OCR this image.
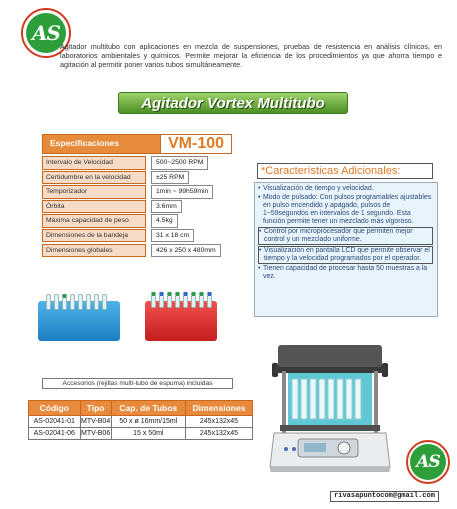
AS

Agitador multitubo con aplicaciones en mezcla de suspensiones, pruebas de resistencia en análisis clínicos, en laboratorios ambientales y químicos. Permite mejorar la eficiencia de los procedimientos ya que ahorra tiempo e agitación al permitir poner varios tubos simultáneamente.

Agitador Vortex Multitubo
Especificaciones	VM-100
Intervalo de Velocidad	500~2500 RPM
Certidumbre en la velocidad	±25 RPM
Temporizador	1min ~ 99h59min
Órbita	3.6mm
Máxima capacidad de peso	4.5kg
Dimensiones de la bandeja	31 x 18 cm
Dimensiones globales	426 x 250 x 480mm
*Características Adicionales:
• Visualización de tiempo y velocidad.
• Modo de pulsado: Con pulsos programables ajustables en pulso encendido y apagado, pulsos de 1~59segundos en intervalos de 1 segundo. Esta función permite tener un mezclado más vigoroso.
• Control por microprocesador que permiten mejor control y un mezclado uniforme.
• Visualización en pantalla LCD que permite observar el tiempo y la velocidad programados por el operador.
• Tienen capacidad de procesar hasta 50 muestras a la vez.
Accesorios (rejillas multi-tubo de espuma) incluidas
Código	Tipo	Cap. de Tubos	Dimensiones
AS-02041-01	MTV-B04	50 x ø 16mm/15ml	245x132x45
AS-02041-06	MTV-B06	15 x 50ml	245x132x45
AS
rivasapuntocom@gmail.com
